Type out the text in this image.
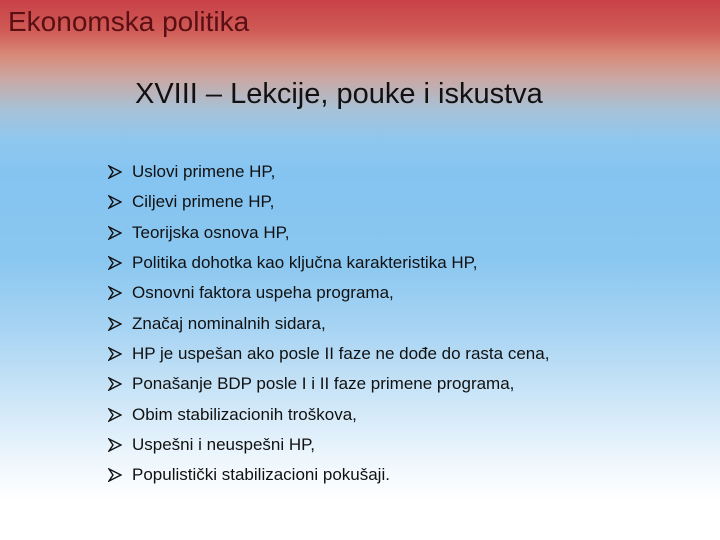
Ekonomska politika
XVIII – Lekcije, pouke i iskustva
Uslovi primene HP,
Ciljevi primene HP,
Teorijska osnova HP,
Politika dohotka kao ključna karakteristika HP,
Osnovni faktora uspeha programa,
Značaj nominalnih sidara,
HP je uspešan ako posle II faze ne dođe do rasta cena,
Ponašanje BDP posle I i II faze primene programa,
Obim stabilizacionih troškova,
Uspešni i neuspešni HP,
Populistički stabilizacioni pokušaji.
